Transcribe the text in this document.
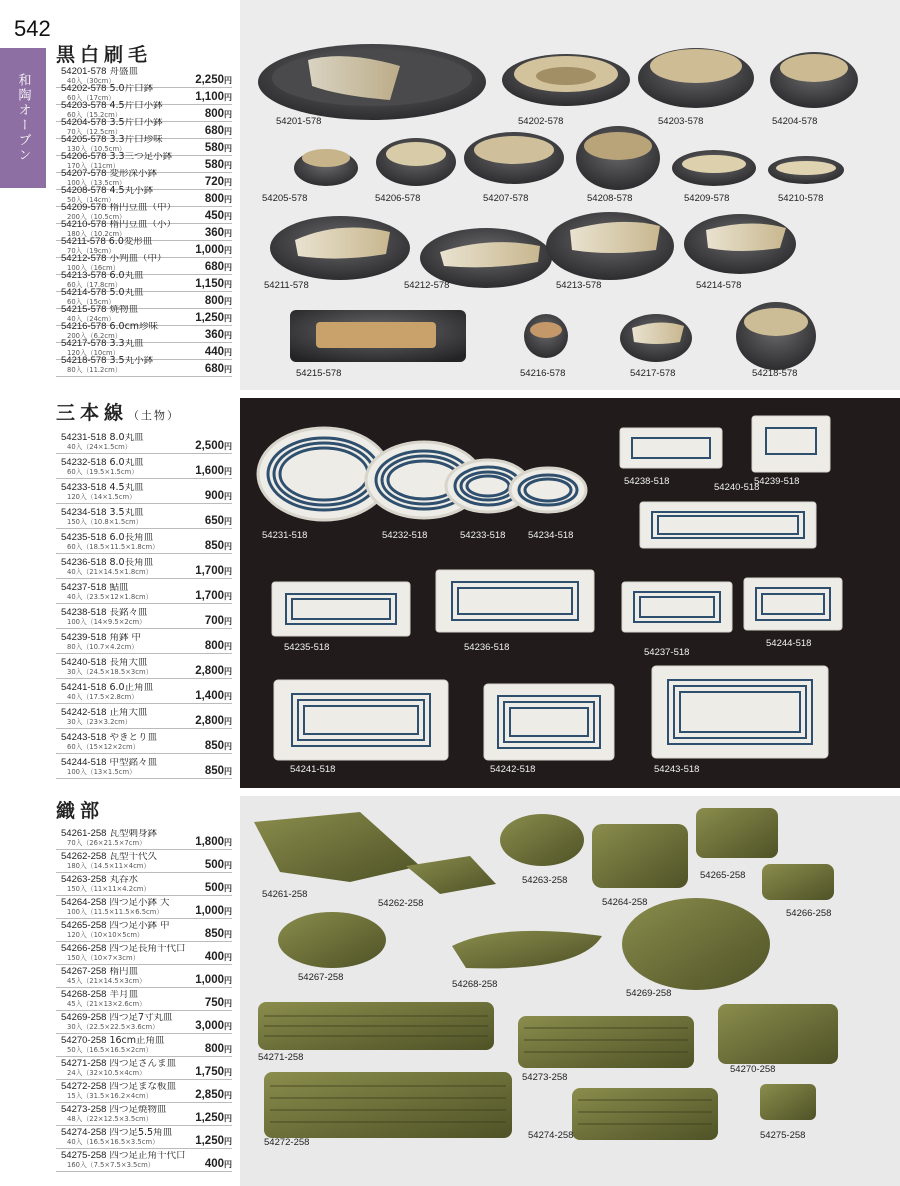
542
和陶オーブン
黒白刷毛
54201-578 舟盛皿
40入（30cm）	2,250円
54202-578 5.0片口鉢
60入（17cm）	1,100円
54203-578 4.5片口小鉢
60入（15.2cm）	800円
54204-578 3.5片口小鉢
70入（12.5cm）	680円
54205-578 3.3片口珍味
130入（10.5cm）	580円
54206-578 3.3三つ足小鉢
170入（11cm）	580円
54207-578 変形深小鉢
100入（13.5cm）	720円
54208-578 4.5丸小鉢
50入（14cm）	800円
54209-578 楕円豆皿（中）
200入（10.5cm）	450円
54210-578 楕円豆皿（小）
180入（10.2cm）	360円
54211-578 6.0変形皿
70入（19cm）	1,000円
54212-578 小判皿（中）
100入（16cm）	680円
54213-578 6.0丸皿
60入（17.8cm）	1,150円
54214-578 5.0丸皿
60入（15cm）	800円
54215-578 焼物皿
40入（24cm）	1,250円
54216-578 6.0cm珍味
200入（6.2cm）	360円
54217-578 3.3丸皿
120入（10cm）	440円
54218-578 3.5丸小鉢
80入（11.2cm）	680円
三本線（土物）
54231-518 8.0丸皿
40入（24×1.5cm）	2,500円
54232-518 6.0丸皿
60入（19.5×1.5cm）	1,600円
54233-518 4.5丸皿
120入（14×1.5cm）	900円
54234-518 3.5丸皿
150入（10.8×1.5cm）	650円
54235-518 6.0長角皿
60入（18.5×11.5×1.8cm）	850円
54236-518 8.0長角皿
40入（21×14.5×1.8cm）	1,700円
54237-518 鮎皿
40入（23.5×12×1.8cm）	1,700円
54238-518 長銘々皿
100入（14×9.5×2cm）	700円
54239-518 角鉢 中
80入（10.7×4.2cm）	800円
54240-518 長角大皿
30入（24.5×18.5×3cm）	2,800円
54241-518 6.0正角皿
40入（17.5×2.8cm）	1,400円
54242-518 正角大皿
30入（23×3.2cm）	2,800円
54243-518 やきとり皿
60入（15×12×2cm）	850円
54244-518 中型銘々皿
100入（13×1.5cm）	850円
織部
54261-258 瓦型刺身鉢
70入（26×21.5×7cm）	1,800円
54262-258 瓦型千代久
180入（14.5×11×4cm）	500円
54263-258 丸呑水
150入（11×11×4.2cm）	500円
54264-258 四つ足小鉢 大
100入（11.5×11.5×6.5cm）	1,000円
54265-258 四つ足小鉢 中
120入（10×10×5cm）	850円
54266-258 四つ足長角千代口
150入（10×7×3cm）	400円
54267-258 楕円皿
45入（21×14.5×3cm）	1,000円
54268-258 半月皿
45入（21×13×2.6cm）	750円
54269-258 四つ足7寸丸皿
30入（22.5×22.5×3.6cm）	3,000円
54270-258 16cm正角皿
50入（16.5×16.5×2cm）	800円
54271-258 四つ足さんま皿
24入（32×10.5×4cm）	1,750円
54272-258 四つ足まな板皿
15入（31.5×16.2×4cm）	2,850円
54273-258 四つ足焼物皿
48入（22×12.5×3.5cm）	1,250円
54274-258 四つ足5.5角皿
40入（16.5×16.5×3.5cm）	1,250円
54275-258 四つ足正角千代口
160入（7.5×7.5×3.5cm）	400円
54201-578	54202-578	54203-578	54204-578
54205-578	54206-578	54207-578	54208-578	54209-578	54210-578
54211-578	54212-578	54213-578	54214-578
54215-578	54216-578	54217-578	54218-578
54231-518	54232-518	54233-518 54234-518
54235-518	54236-518	54237-518
54238-518	54239-518
54240-518
54241-518	54242-518	54243-518
54244-518
54261-258
54262-258
54263-258
54264-258
54265-258
54266-258
54267-258
54268-258
54269-258
54270-258
54271-258
54272-258
54273-258
54274-258	54275-258
